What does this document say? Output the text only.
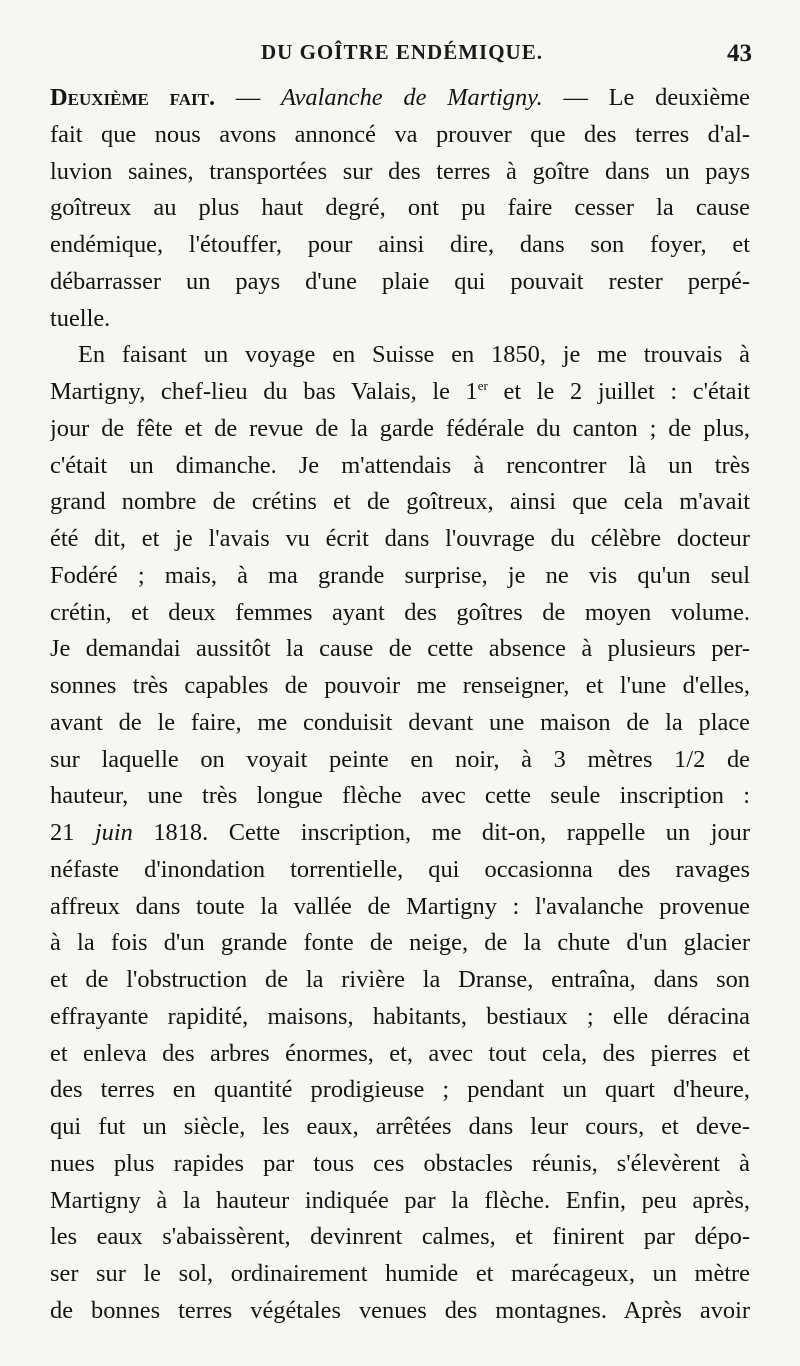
DU GOÎTRE ENDÉMIQUE.	43
Deuxième fait. — Avalanche de Martigny. — Le deuxième
fait que nous avons annoncé va prouver que des terres d'al-
luvion saines, transportées sur des terres à goître dans un pays
goîtreux au plus haut degré, ont pu faire cesser la cause
endémique, l'étouffer, pour ainsi dire, dans son foyer, et
débarrasser un pays d'une plaie qui pouvait rester perpé-
tuelle.
En faisant un voyage en Suisse en 1850, je me trouvais à
Martigny, chef-lieu du bas Valais, le 1er et le 2 juillet : c'était
jour de fête et de revue de la garde fédérale du canton ; de plus,
c'était un dimanche. Je m'attendais à rencontrer là un très
grand nombre de crétins et de goîtreux, ainsi que cela m'avait
été dit, et je l'avais vu écrit dans l'ouvrage du célèbre docteur
Fodéré ; mais, à ma grande surprise, je ne vis qu'un seul
crétin, et deux femmes ayant des goîtres de moyen volume.
Je demandai aussitôt la cause de cette absence à plusieurs per-
sonnes très capables de pouvoir me renseigner, et l'une d'elles,
avant de le faire, me conduisit devant une maison de la place
sur laquelle on voyait peinte en noir, à 3 mètres 1/2 de
hauteur, une très longue flèche avec cette seule inscription :
21 juin 1818. Cette inscription, me dit-on, rappelle un jour
néfaste d'inondation torrentielle, qui occasionna des ravages
affreux dans toute la vallée de Martigny : l'avalanche provenue
à la fois d'un grande fonte de neige, de la chute d'un glacier
et de l'obstruction de la rivière la Dranse, entraîna, dans son
effrayante rapidité, maisons, habitants, bestiaux ; elle déracina
et enleva des arbres énormes, et, avec tout cela, des pierres et
des terres en quantité prodigieuse ; pendant un quart d'heure,
qui fut un siècle, les eaux, arrêtées dans leur cours, et deve-
nues plus rapides par tous ces obstacles réunis, s'élevèrent à
Martigny à la hauteur indiquée par la flèche. Enfin, peu après,
les eaux s'abaissèrent, devinrent calmes, et finirent par dépo-
ser sur le sol, ordinairement humide et marécageux, un mètre
de bonnes terres végétales venues des montagnes. Après avoir
